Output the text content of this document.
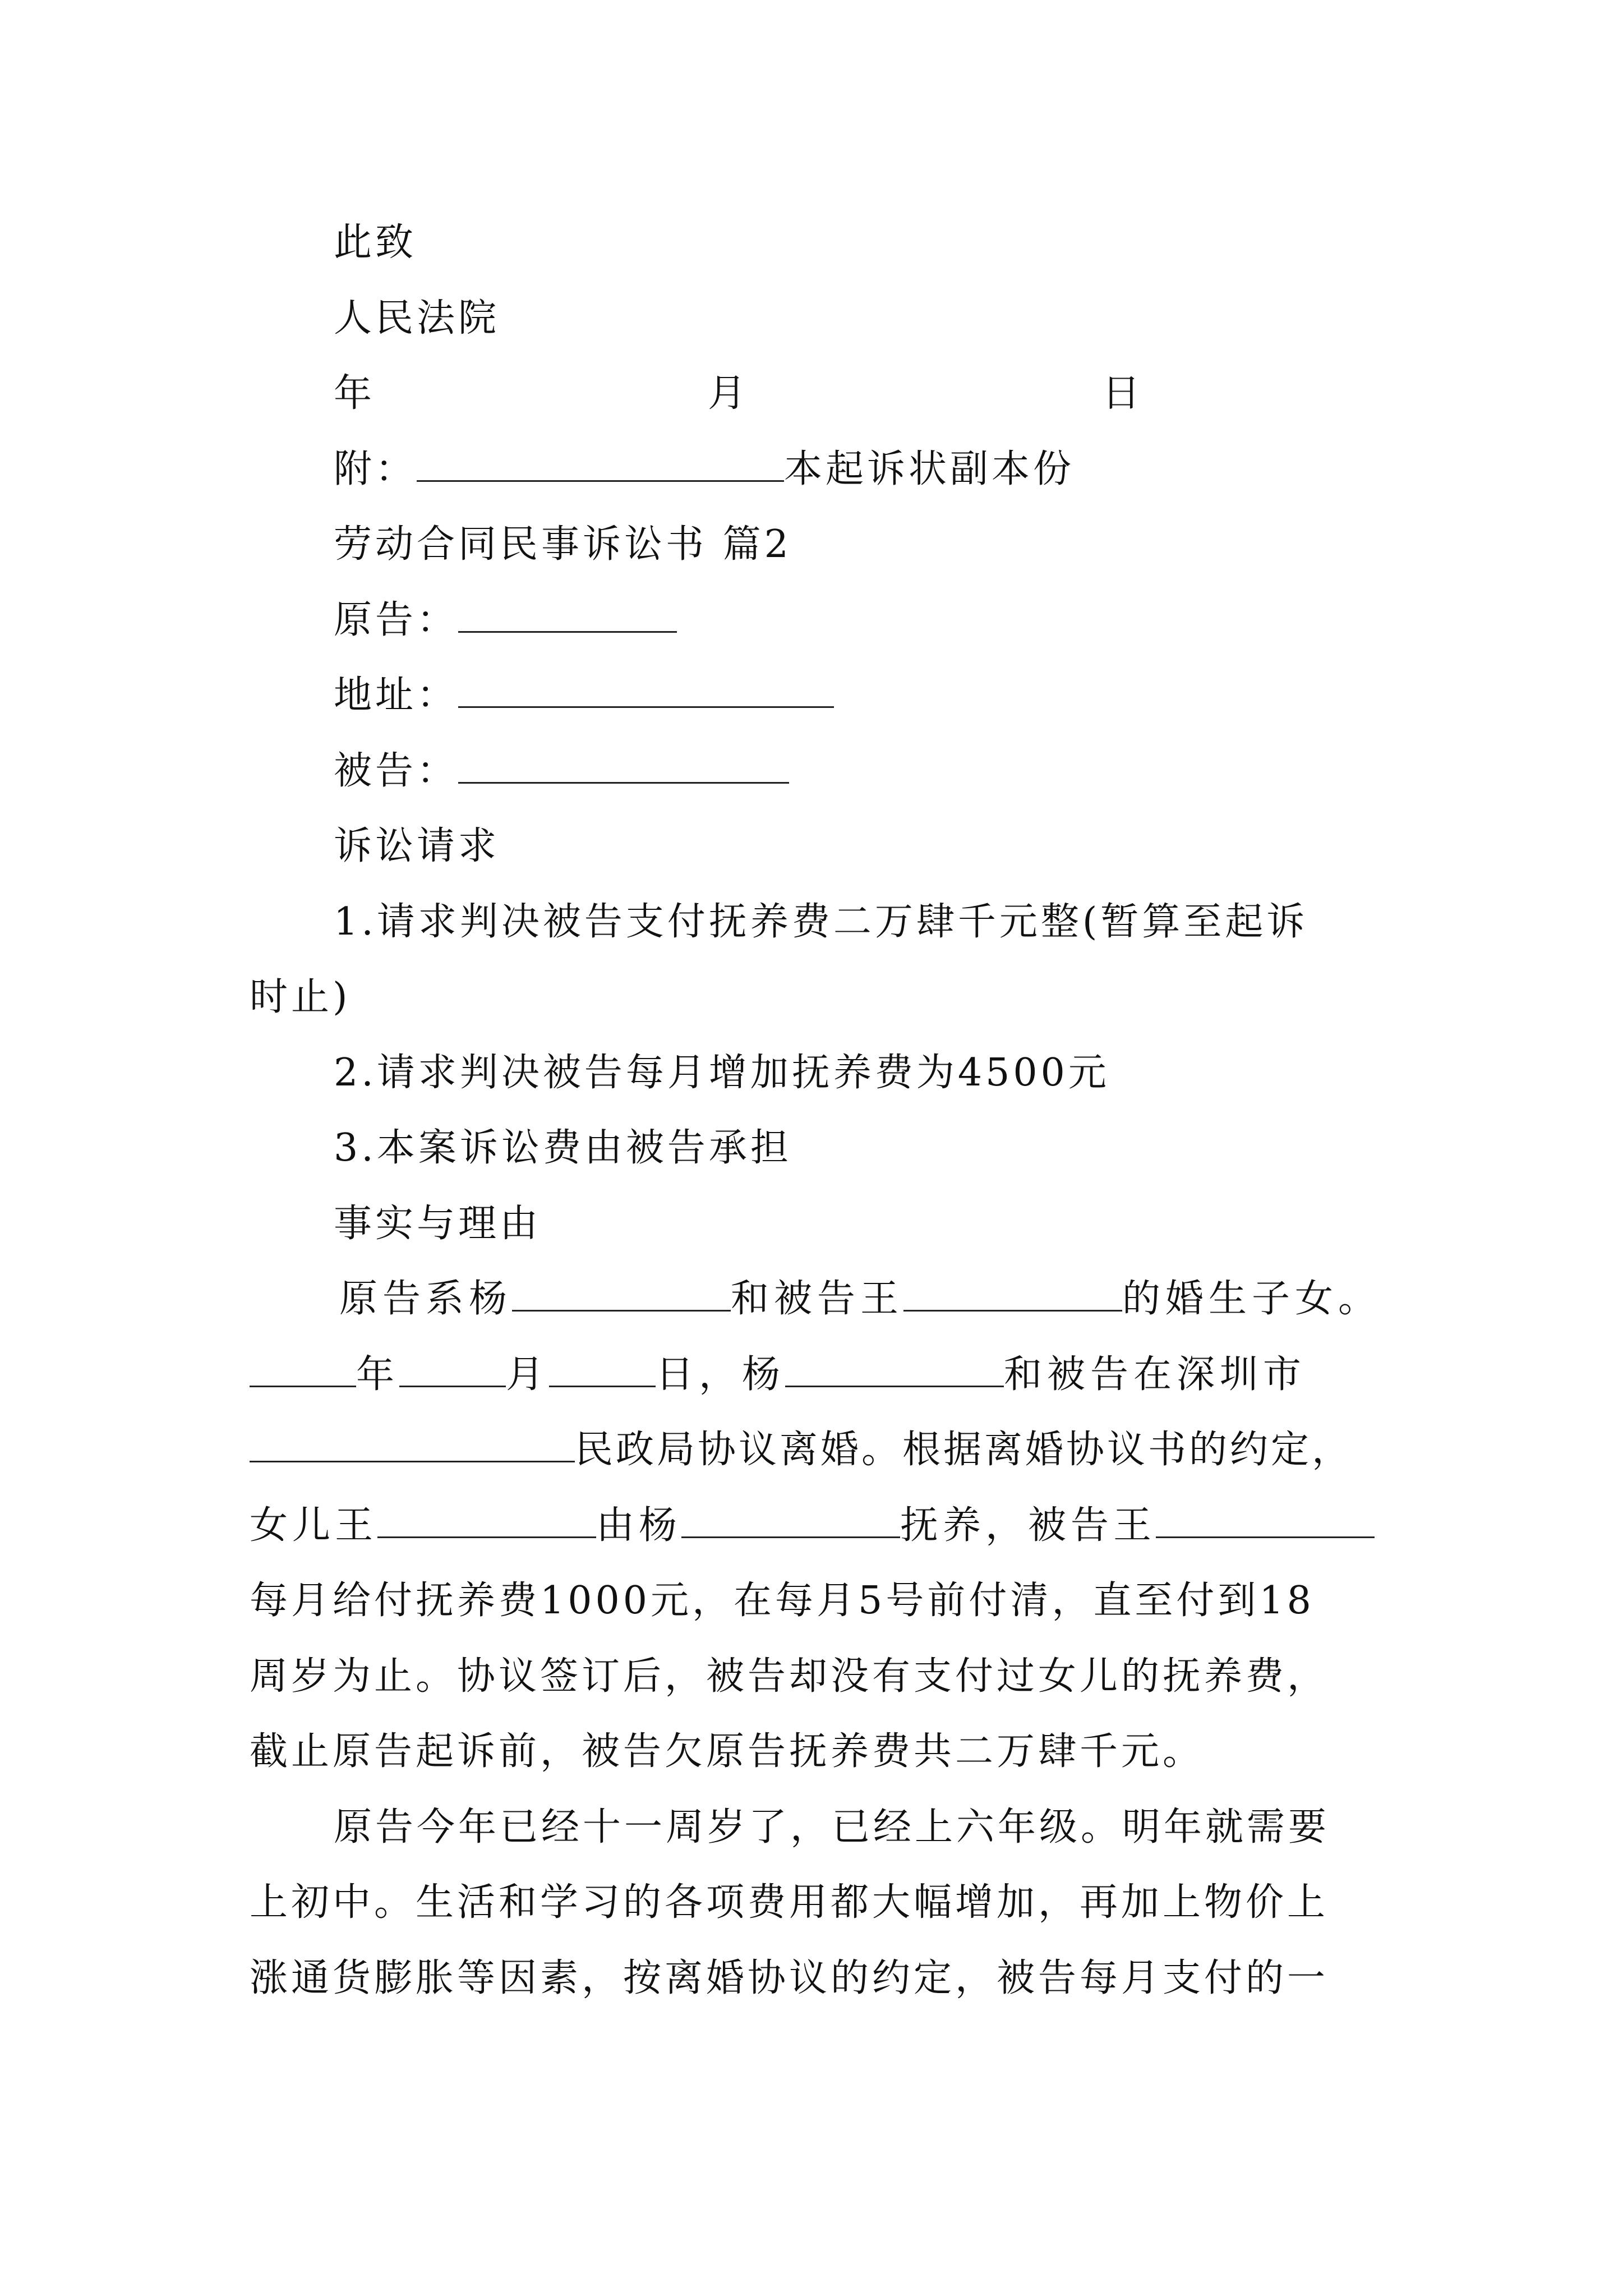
此致
人民法院
年	月	日
附：	本起诉状副本份
劳动合同民事诉讼书 篇2
原告：
地址：
被告：
诉讼请求
1.请求判决被告支付抚养费二万肆千元整(暂算至起诉
时止)
2.请求判决被告每月增加抚养费为4500元
3.本案诉讼费由被告承担
事实与理由
原告系杨	和被告王	的婚生子女。
年	月	日，杨	和被告在深圳市
民政局协议离婚。根据离婚协议书的约定，
女儿王	由杨	抚养，被告王
每月给付抚养费1000元，在每月5号前付清，直至付到18
周岁为止。协议签订后，被告却没有支付过女儿的抚养费，
截止原告起诉前，被告欠原告抚养费共二万肆千元。
原告今年已经十一周岁了，已经上六年级。明年就需要
上初中。生活和学习的各项费用都大幅增加，再加上物价上
涨通货膨胀等因素，按离婚协议的约定，被告每月支付的一
